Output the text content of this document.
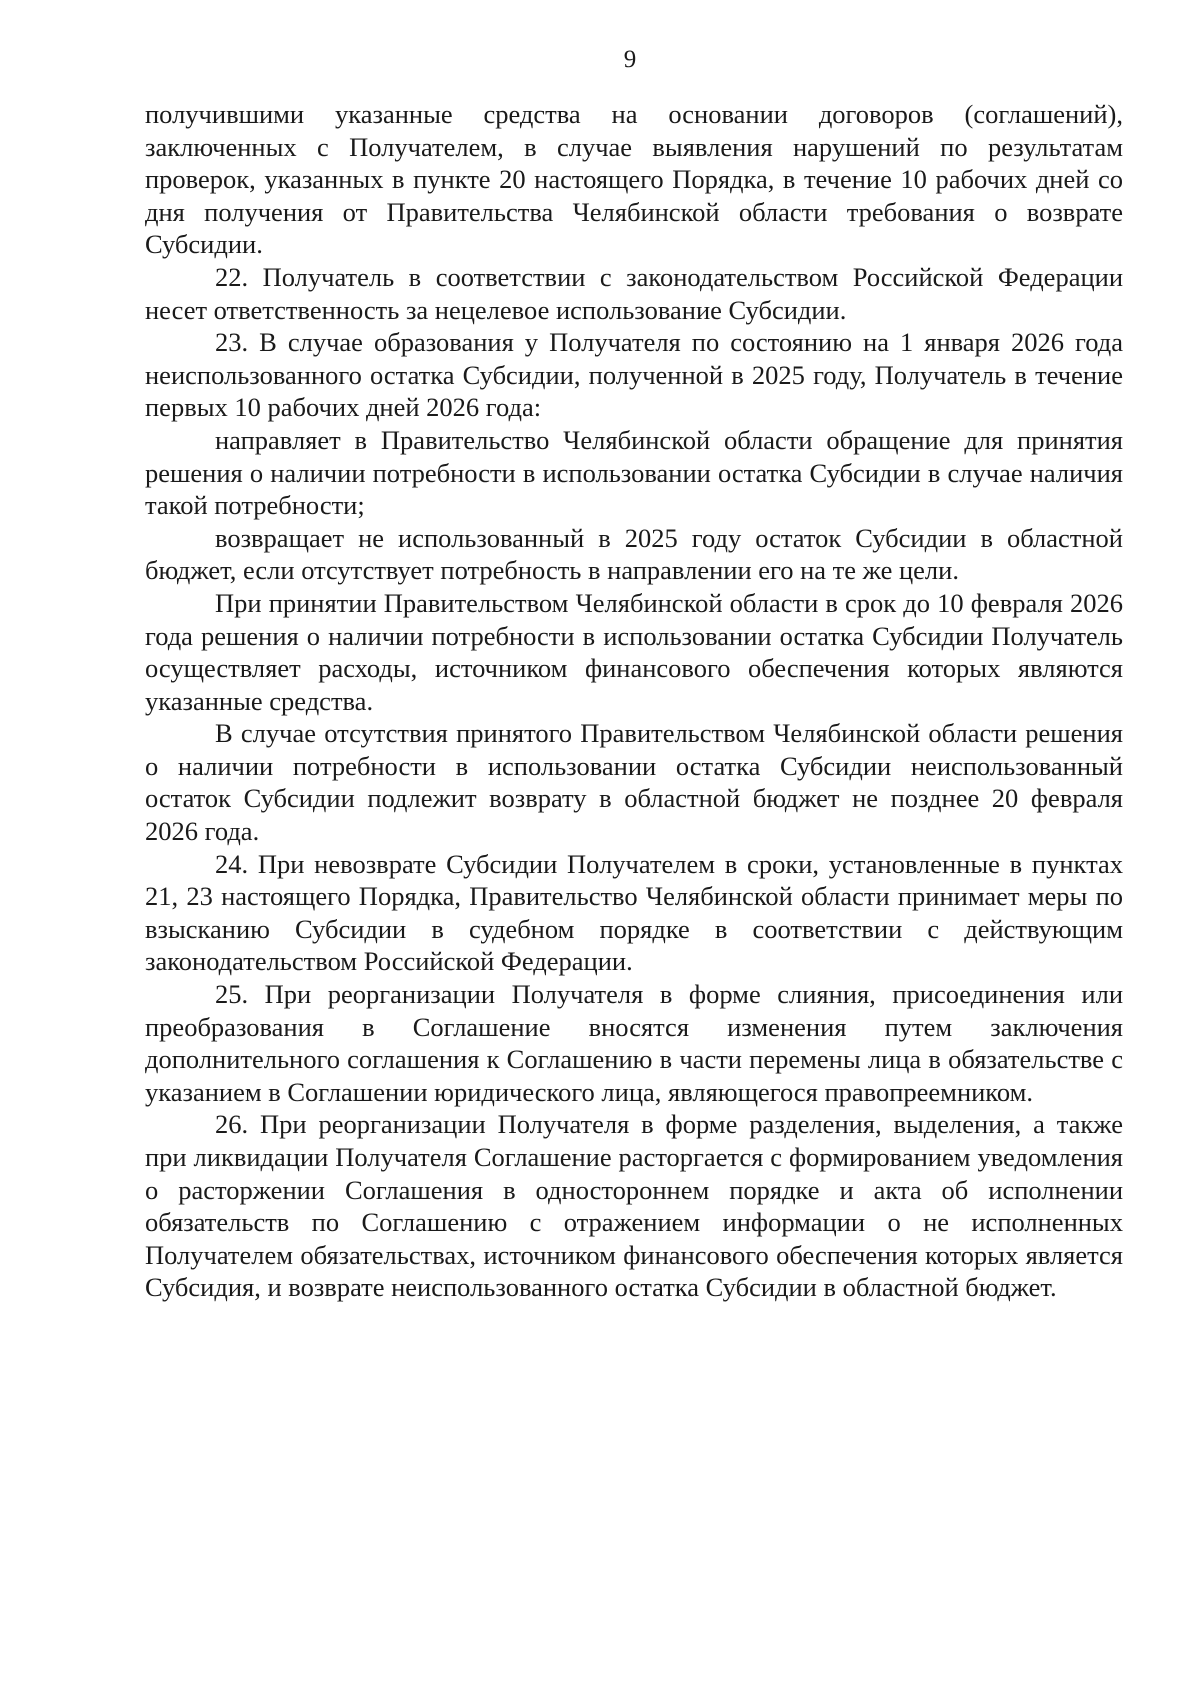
9

получившими указанные средства на основании договоров (соглашений), заключенных с Получателем, в случае выявления нарушений по результатам проверок, указанных в пункте 20 настоящего Порядка, в течение 10 рабочих дней со дня получения от Правительства Челябинской области требования о возврате Субсидии.

22. Получатель в соответствии с законодательством Российской Федерации несет ответственность за нецелевое использование Субсидии.

23. В случае образования у Получателя по состоянию на 1 января 2026 года неиспользованного остатка Субсидии, полученной в 2025 году, Получатель в течение первых 10 рабочих дней 2026 года:

направляет в Правительство Челябинской области обращение для принятия решения о наличии потребности в использовании остатка Субсидии в случае наличия такой потребности;

возвращает не использованный в 2025 году остаток Субсидии в областной бюджет, если отсутствует потребность в направлении его на те же цели.

При принятии Правительством Челябинской области в срок до 10 февраля 2026 года решения о наличии потребности в использовании остатка Субсидии Получатель осуществляет расходы, источником финансового обеспечения которых являются указанные средства.

В случае отсутствия принятого Правительством Челябинской области решения о наличии потребности в использовании остатка Субсидии неиспользованный остаток Субсидии подлежит возврату в областной бюджет не позднее 20 февраля 2026 года.

24. При невозврате Субсидии Получателем в сроки, установленные в пунктах 21, 23 настоящего Порядка, Правительство Челябинской области принимает меры по взысканию Субсидии в судебном порядке в соответствии с действующим законодательством Российской Федерации.

25. При реорганизации Получателя в форме слияния, присоединения или преобразования в Соглашение вносятся изменения путем заключения дополнительного соглашения к Соглашению в части перемены лица в обязательстве с указанием в Соглашении юридического лица, являющегося правопреемником.

26. При реорганизации Получателя в форме разделения, выделения, а также при ликвидации Получателя Соглашение расторгается с формированием уведомления о расторжении Соглашения в одностороннем порядке и акта об исполнении обязательств по Соглашению с отражением информации о не исполненных Получателем обязательствах, источником финансового обеспечения которых является Субсидия, и возврате неиспользованного остатка Субсидии в областной бюджет.
